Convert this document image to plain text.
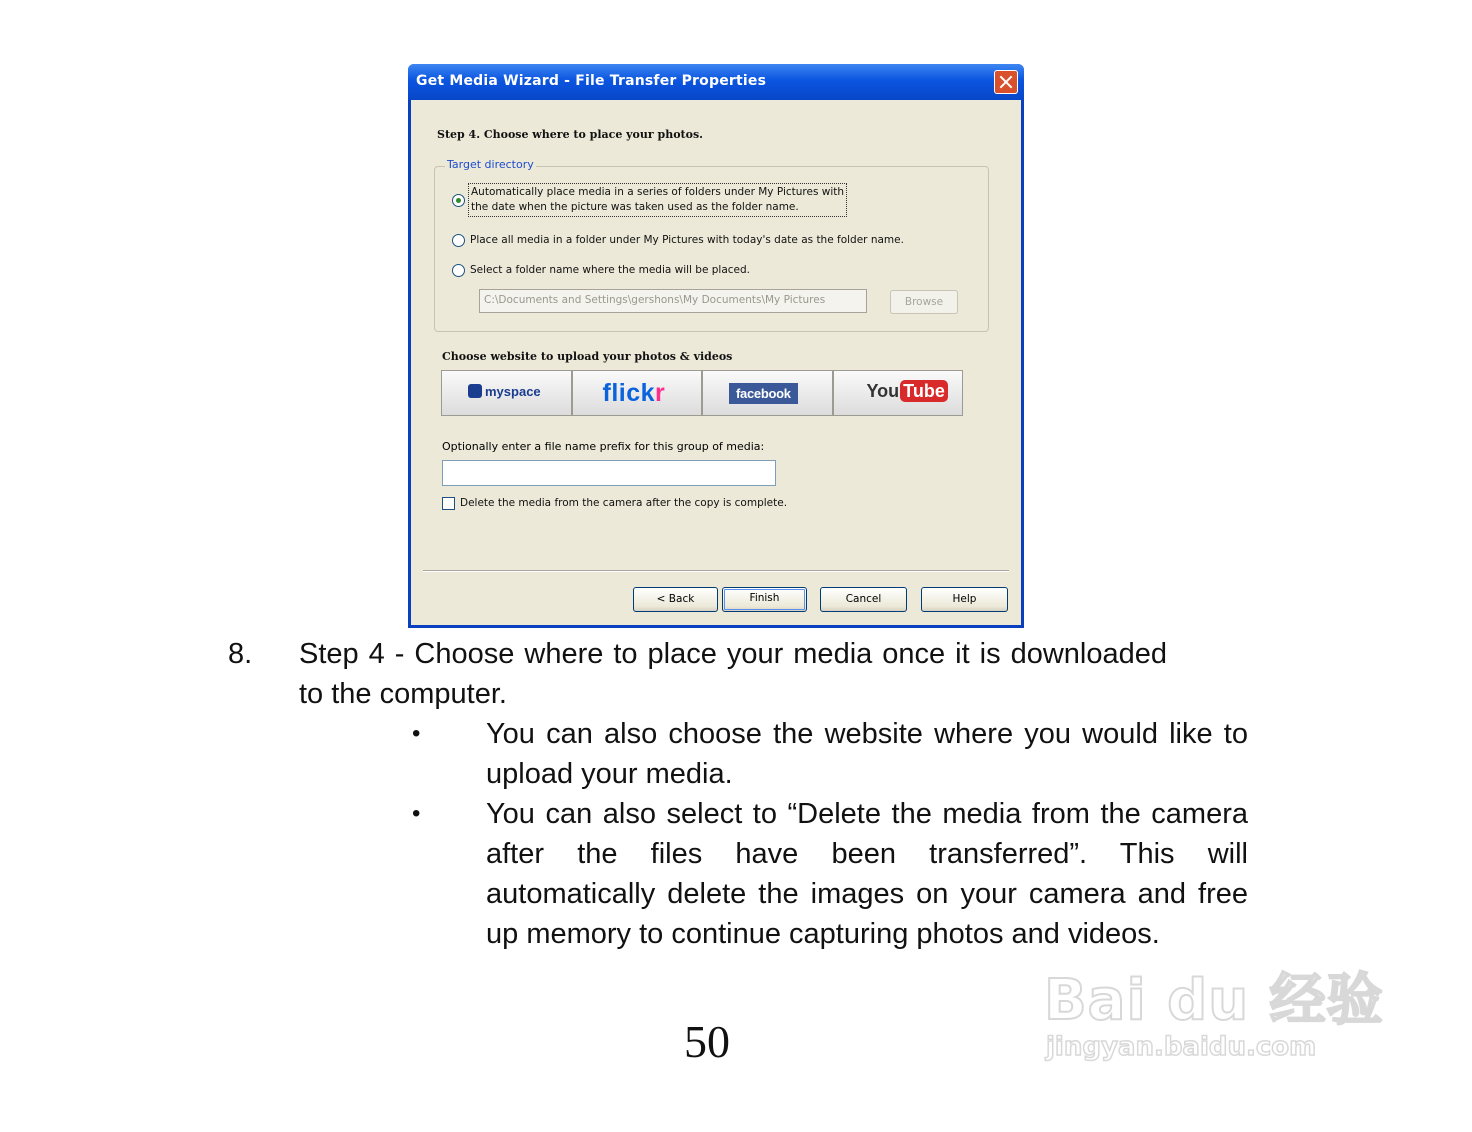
Get Media Wizard - File Transfer Properties
Step 4. Choose where to place your photos.
Target directory
Automatically place media in a series of folders under My Pictures with
the date when the picture was taken used as the folder name.
Place all media in a folder under My Pictures with today's date as the folder name.
Select a folder name where the media will be placed.
C:\Documents and Settings\gershons\My Documents\My Pictures	Browse
Choose website to upload your photos & videos
myspace flickr	facebook	You Tube
Optionally enter a file name prefix for this group of media:
Delete the media from the camera after the copy is complete.
< Back	Finish	Cancel	Help
8. Step 4 - Choose where to place your media once it is downloaded to the computer.
• You can also choose the website where you would like to upload your media.
• You can also select to “Delete the media from the camera after the files have been transferred”. This will automatically delete the images on your camera and free up memory to continue capturing photos and videos.
50
Bai du 经验
jingyan.baidu.com
